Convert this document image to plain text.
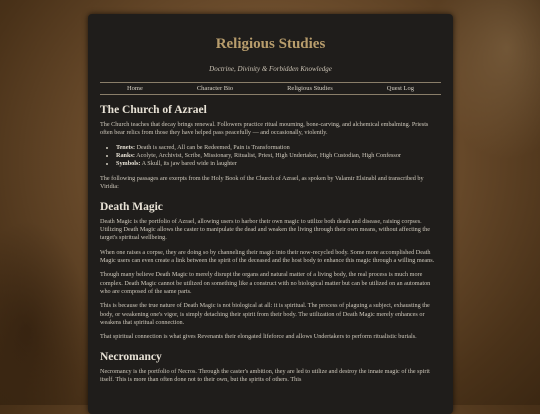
Religious Studies
Doctrine, Divinity & Forbidden Knowledge
Home	Character Bio	Religious Studies	Quest Log
The Church of Azrael

The Church teaches that decay brings renewal. Followers practice ritual mourning, bone-carving, and alchemical embalming. Priests often bear relics from those they have helped pass peacefully — and occasionally, violently.

• Tenets: Death is sacred, All can be Redeemed, Pain is Transformation
• Ranks: Acolyte, Archivist, Scribe, Missionary, Ritualist, Priest, High Undertaker, High Custodian, High Confessor
• Symbols: A Skull, its jaw bared wide in laughter

The following passages are exerpts from the Holy Book of the Church of Azrael, as spoken by Valamir Elsinabl and transcribed by Viridia:

Death Magic

Death Magic is the portfolio of Azrael, allowing users to harbor their own magic to utilize both death and disease, raising corpses. Utilizing Death Magic allows the caster to manipulate the dead and weaken the living through their own means, without affecting the target's spiritual wellbeing.

When one raises a corpse, they are doing so by channeling their magic into their now-recycled body. Some more accomplished Death Magic users can even create a link between the spirit of the deceased and the host body to enhance this magic through a willing means.

Though many believe Death Magic to merely disrupt the organs and natural matter of a living body, the real process is much more complex. Death Magic cannot be utilized on something like a construct with no biological matter but can be utilized on an automaton who are composed of the same parts.

This is because the true nature of Death Magic is not biological at all: it is spiritual. The process of plaguing a subject, exhausting the body, or weakening one's vigor, is simply detaching their spirit from their body. The utilization of Death Magic merely enhances or weakens that spiritual connection.

That spiritual connection is what gives Revenants their elongated lifeforce and allows Undertakers to perform ritualistic burials.

Necromancy

Necromancy is the portfolio of Necros. Through the caster's ambition, they are led to utilize and destroy the innate magic of the spirit itself. This is more than often done not to their own, but the spirits of others. This
